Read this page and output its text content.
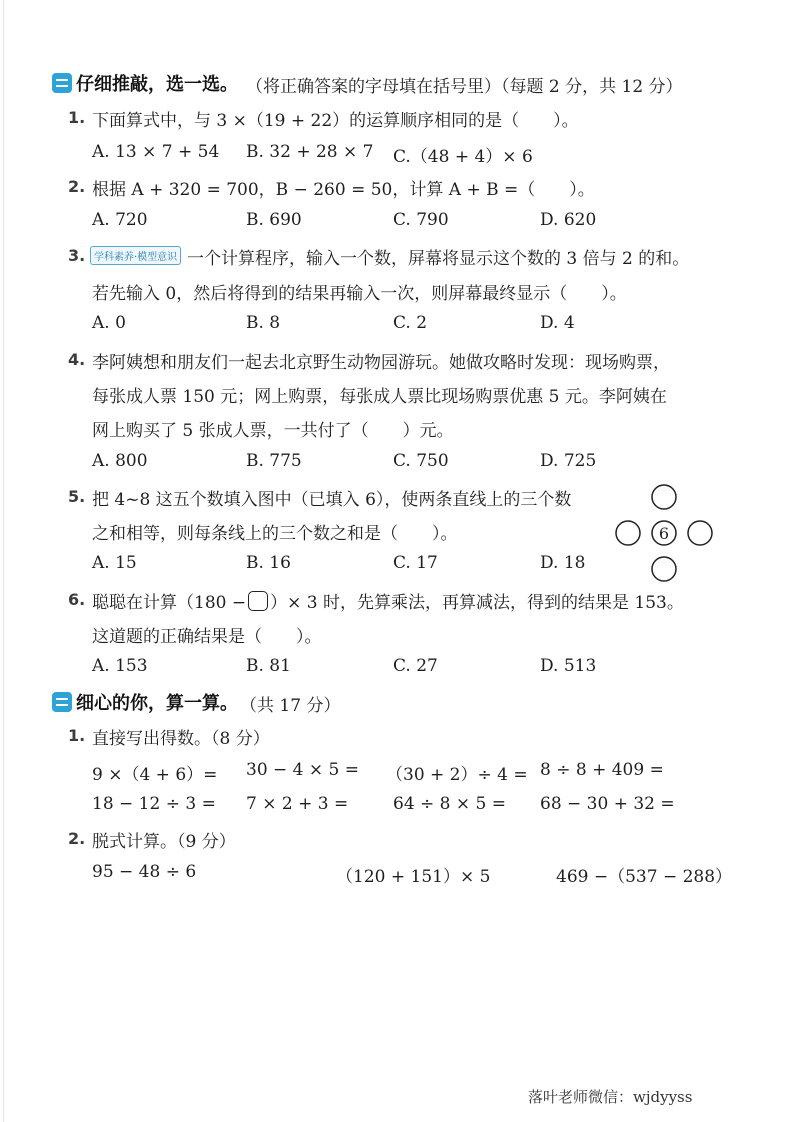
仔细推敲，选一选。 （将正确答案的字母填在括号里）（每题 2 分，共 12 分）
1. 下面算式中，与 3 ×（19 + 22）的运算顺序相同的是（　　）。
A. 13 × 7 + 54 B. 32 + 28 × 7 C.（48 + 4）× 6
2. 根据 A + 320 = 700，B − 260 = 50，计算 A + B =（　　）。
A. 720	B. 690	C. 790	D. 620
3. 学科素养·模型意识 一个计算程序，输入一个数，屏幕将显示这个数的 3 倍与 2 的和。
若先输入 0，然后将得到的结果再输入一次，则屏幕最终显示（　　）。
A. 0	B. 8	C. 2	D. 4
4. 李阿姨想和朋友们一起去北京野生动物园游玩。她做攻略时发现：现场购票，
每张成人票 150 元；网上购票，每张成人票比现场购票优惠 5 元。李阿姨在
网上购买了 5 张成人票，一共付了（　　）元。
A. 800	B. 775	C. 750	D. 725
5. 把 4~8 这五个数填入图中（已填入 6），使两条直线上的三个数
之和相等，则每条线上的三个数之和是（　　）。
A. 15	B. 16	C. 17	D. 18
6
6. 聪聪在计算（180 − ）× 3 时，先算乘法，再算减法，得到的结果是 153。
这道题的正确结果是（　　）。
A. 153	B. 81	C. 27	D. 513
细心的你，算一算。 （共 17 分）
1. 直接写出得数。（8 分）
9 ×（4 + 6）= 30 − 4 × 5 = （30 + 2）÷ 4 = 8 ÷ 8 + 409 =
18 − 12 ÷ 3 = 7 × 2 + 3 =	64 ÷ 8 × 5 = 68 − 30 + 32 =
2. 脱式计算。（9 分）
95 − 48 ÷ 6	（120 + 151）× 5	469 −（537 − 288）
落叶老师微信：wjdyyss
